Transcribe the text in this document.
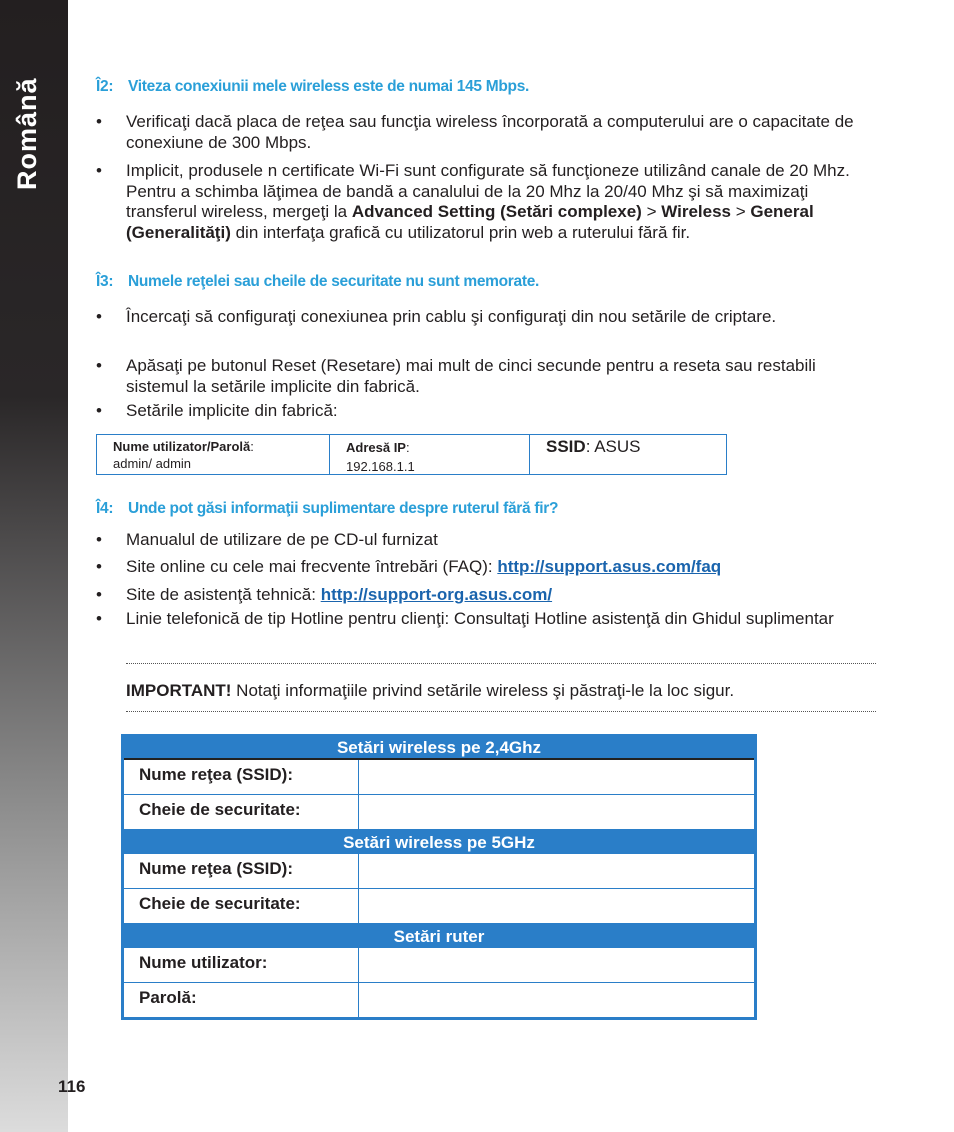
Română	Î2: Viteza conexiunii mele wireless este de numai 145 Mbps.
• Verificaţi dacă placa de reţea sau funcţia wireless încorporată a computerului are o capacitate de conexiune de 300 Mbps.
• Implicit, produsele n certificate Wi-Fi sunt configurate să funcţioneze utilizând canale de 20 Mhz. Pentru a schimba lăţimea de bandă a canalului de la 20 Mhz la 20/40 Mhz şi să maximizaţi transferul wireless, mergeţi la Advanced Setting (Setări complexe) > Wireless > General (Generalităţi) din interfaţa grafică cu utilizatorul prin web a ruterului fără fir.
Î3: Numele reţelei sau cheile de securitate nu sunt memorate.
• Încercaţi să configuraţi conexiunea prin cablu şi configuraţi din nou setările de criptare.
• Apăsaţi pe butonul Reset (Resetare) mai mult de cinci secunde pentru a reseta sau restabili sistemul la setările implicite din fabrică.
• Setările implicite din fabrică:
Nume utilizator/Parolă:
admin/ admin
Adresă IP:
192.168.1.1
SSID: ASUS
Î4: Unde pot găsi informaţii suplimentare despre ruterul fără fir?
• Manualul de utilizare de pe CD-ul furnizat
• Site online cu cele mai frecvente întrebări (FAQ): http://support.asus.com/faq
• Site de asistenţă tehnică: http://support-org.asus.com/
• Linie telefonică de tip Hotline pentru clienţi: Consultaţi Hotline asistenţă din Ghidul suplimentar
IMPORTANT! Notaţi informaţiile privind setările wireless şi păstraţi-le la loc sigur.
Setări wireless pe 2,4Ghz
Nume reţea (SSID):
Cheie de securitate:
Setări wireless pe 5GHz
Nume reţea (SSID):
Cheie de securitate:
Setări ruter
Nume utilizator:
Parolă:
116
